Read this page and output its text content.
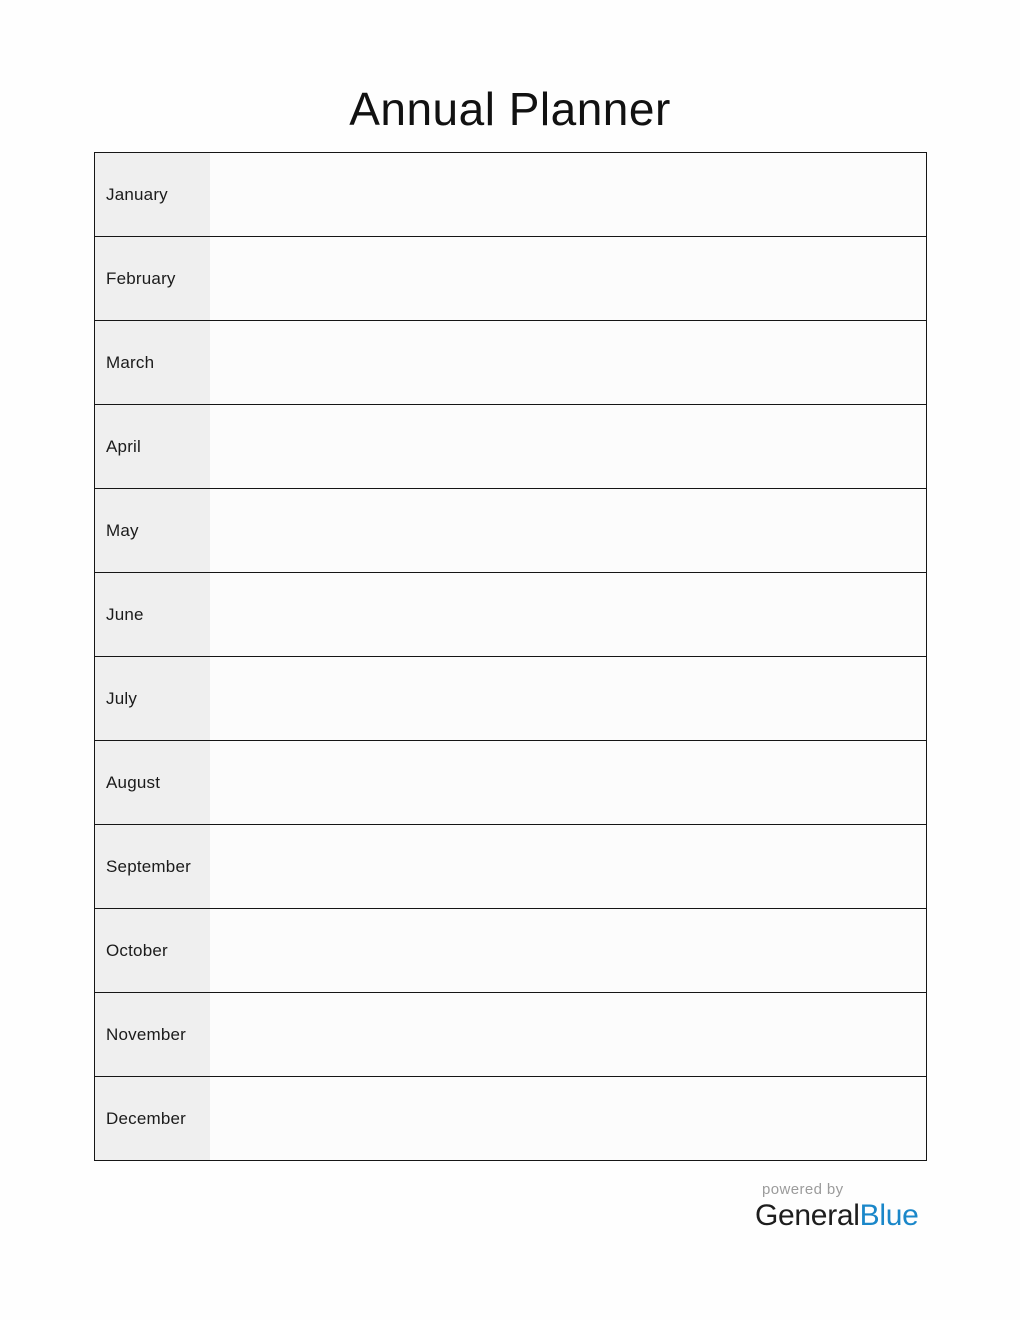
Annual Planner
January	
February	
March	
April	
May	
June	
July	
August	
September	
October	
November	
December	
powered by
GeneralBlue
